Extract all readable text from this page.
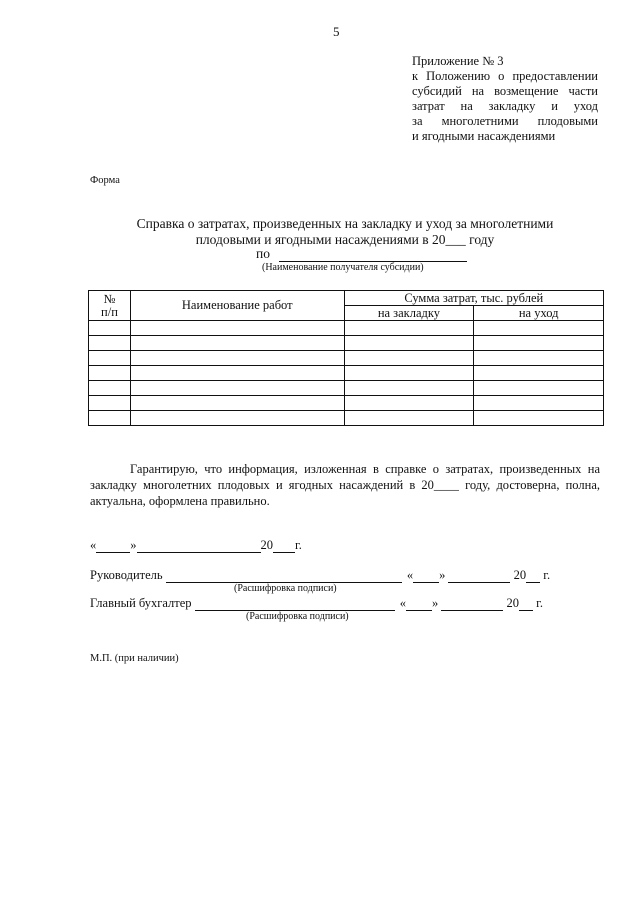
5
Приложение № 3
к Положению о предоставлении
субсидий на возмещение части
затрат на закладку и уход
за многолетними плодовыми
и ягодными насаждениями
Форма
Справка о затратах, произведенных на закладку и уход за многолетними
плодовыми и ягодными насаждениями в 20___ году
по
(Наименование получателя субсидии)
№ п/п	Наименование работ	Сумма затрат, тыс. рублей	
		на закладку	на уход

Гарантирую, что информация, изложенная в справке о затратах, произведенных на закладку многолетних плодовых и ягодных насаждений в 20____ году, достоверна, полна, актуальна, оформлена правильно.
«	»	20 г.
Руководитель	« »	20 г.
(Расшифровка подписи)
Главный бухгалтер	« »	20 г.
(Расшифровка подписи)
М.П. (при наличии)
